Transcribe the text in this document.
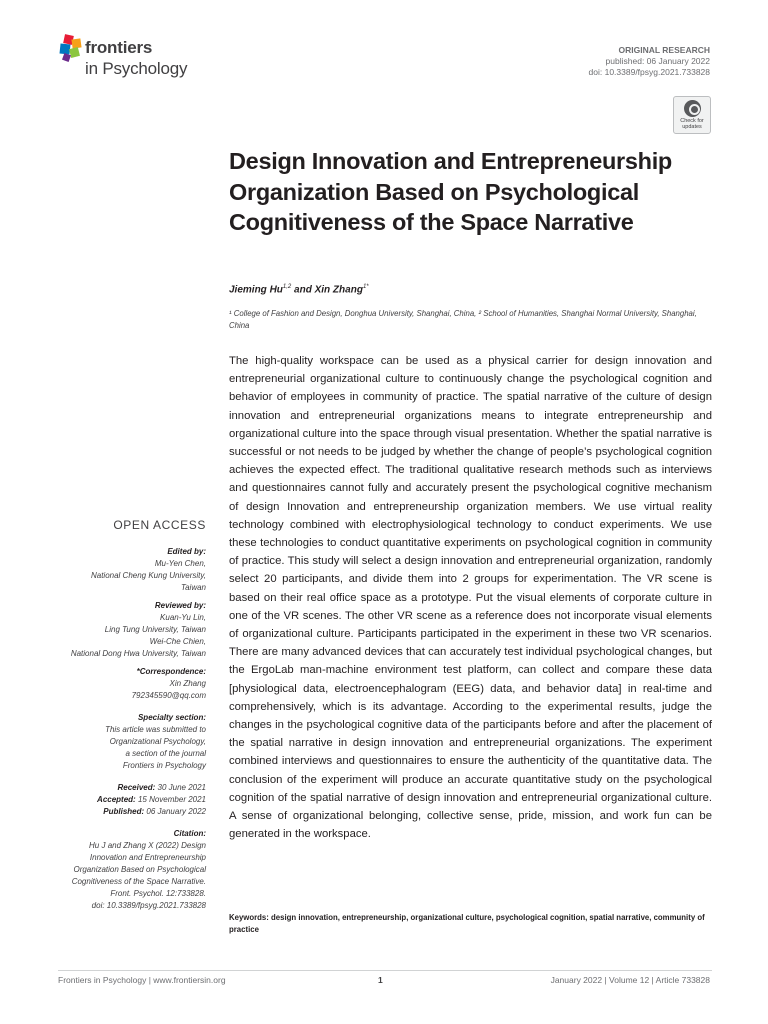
frontiers
in Psychology
ORIGINAL RESEARCH
published: 06 January 2022
doi: 10.3389/fpsyg.2021.733828
Check for
updates
Design Innovation and Entrepreneurship Organization Based on Psychological Cognitiveness of the Space Narrative
Jieming Hu$^{1,2}$ and Xin Zhang$^{1*}$
¹ College of Fashion and Design, Donghua University, Shanghai, China, ² School of Humanities, Shanghai Normal University, Shanghai, China
The high-quality workspace can be used as a physical carrier for design innovation and entrepreneurial organizational culture to continuously change the psychological cognition and behavior of employees in community of practice. The spatial narrative of the culture of design innovation and entrepreneurial organizations means to integrate entrepreneurship and organizational culture into the space through visual presentation. Whether the spatial narrative is successful or not needs to be judged by whether the change of people’s psychological cognition achieves the expected effect. The traditional qualitative research methods such as interviews and questionnaires cannot fully and accurately present the psychological cognitive mechanism of design Innovation and entrepreneurship organization members. We use virtual reality technology combined with electrophysiological technology to conduct experiments. We use these technologies to conduct quantitative experiments on psychological cognition in community of practice. This study will select a design innovation and entrepreneurial organization, randomly select 20 participants, and divide them into 2 groups for experimentation. The VR scene is based on their real office space as a prototype. Put the visual elements of corporate culture in one of the VR scenes. The other VR scene as a reference does not incorporate visual elements of organizational culture. Participants participated in the experiment in these two VR scenarios. There are many advanced devices that can accurately test individual psychological changes, but the ErgoLab man-machine environment test platform, can collect and compare these data [physiological data, electroencephalogram (EEG) data, and behavior data] in real-time and comprehensively, which is its advantage. According to the experimental results, judge the changes in the psychological cognitive data of the participants before and after the placement of the spatial narrative in design innovation and entrepreneurial organizations. The experiment combined interviews and questionnaires to ensure the authenticity of the quantitative data. The conclusion of the experiment will produce an accurate quantitative study on the psychological cognition of the spatial narrative of design innovation and entrepreneurial organizational culture. A sense of organizational belonging, collective sense, pride, mission, and work fun can be generated in the workspace.
Keywords: design innovation, entrepreneurship, organizational culture, psychological cognition, spatial narrative, community of practice
OPEN ACCESS
Edited by:
Mu-Yen Chen,
National Cheng Kung University,
Taiwan
Reviewed by:
Kuan-Yu Lin,
Ling Tung University, Taiwan
Wei-Che Chien,
National Dong Hwa University, Taiwan
*Correspondence:
Xin Zhang
792345590@qq.com
Specialty section:
This article was submitted to
Organizational Psychology,
a section of the journal
Frontiers in Psychology
Received: 30 June 2021
Accepted: 15 November 2021
Published: 06 January 2022
Citation:
Hu J and Zhang X (2022) Design
Innovation and Entrepreneurship
Organization Based on Psychological
Cognitiveness of the Space Narrative.
Front. Psychol. 12:733828.
doi: 10.3389/fpsyg.2021.733828
Frontiers in Psychology | www.frontiersin.org	1	January 2022 | Volume 12 | Article 733828
